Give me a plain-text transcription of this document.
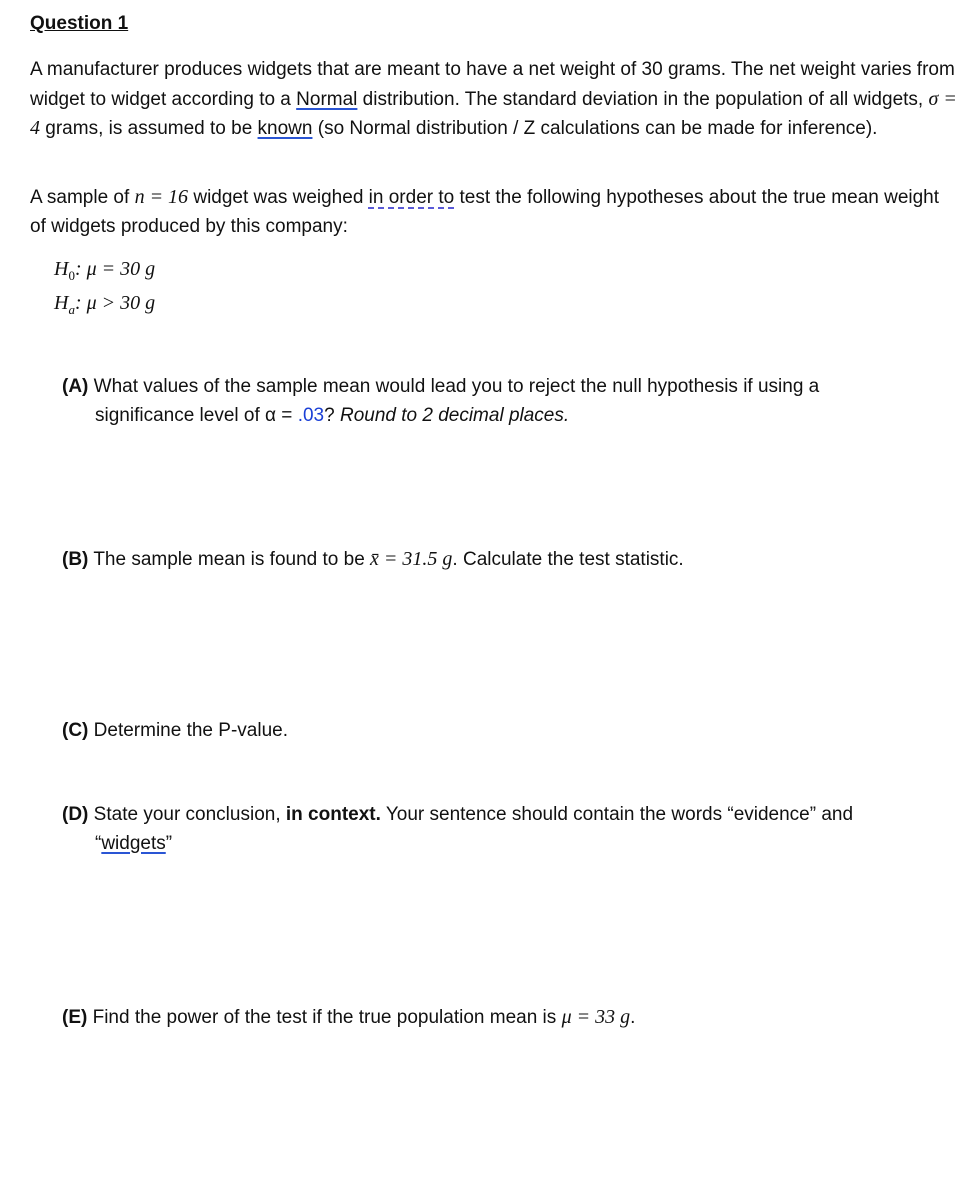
Question 1
A manufacturer produces widgets that are meant to have a net weight of 30 grams. The net weight varies from widget to widget according to a Normal distribution. The standard deviation in the population of all widgets, σ = 4 grams, is assumed to be known (so Normal distribution / Z calculations can be made for inference).
A sample of n = 16 widget was weighed in order to test the following hypotheses about the true mean weight of widgets produced by this company:
$H_0$: μ = 30 g
$H_a$: μ > 30 g
(A) What values of the sample mean would lead you to reject the null hypothesis if using a
significance level of α = .03? Round to 2 decimal places.
(B) The sample mean is found to be x̄ = 31.5 g. Calculate the test statistic.
(C) Determine the P-value.
(D) State your conclusion, in context. Your sentence should contain the words “evidence” and
“widgets”
(E) Find the power of the test if the true population mean is μ = 33 g.
